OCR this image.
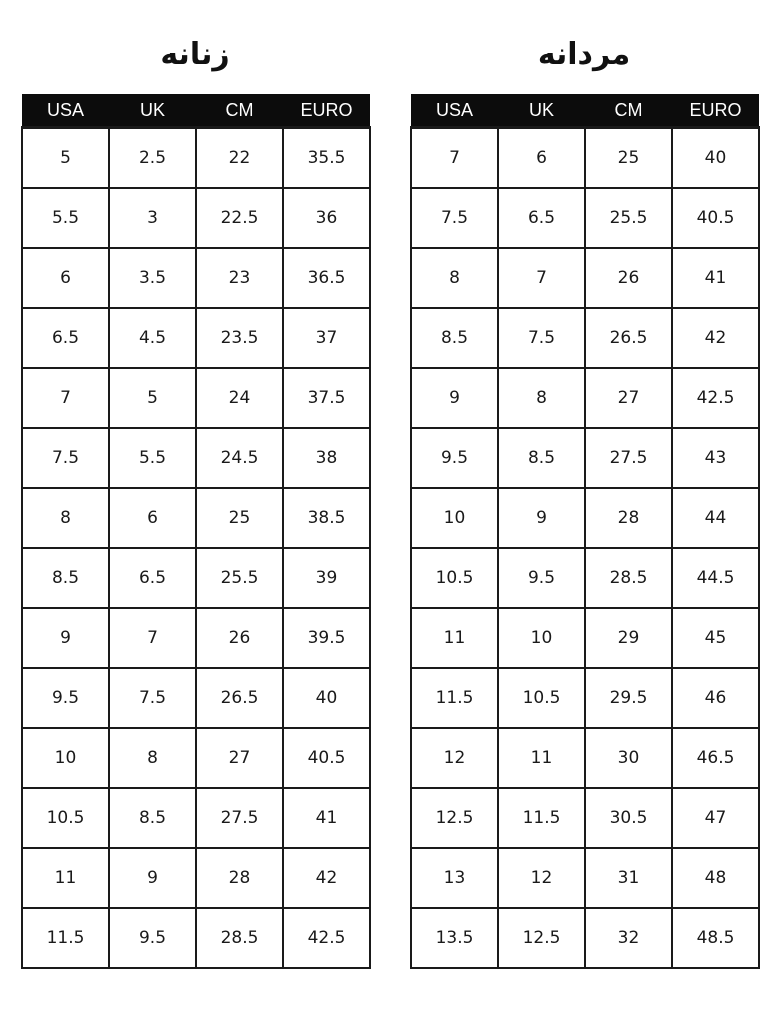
زنانه
USA	UK	CM	EURO
5	2.5	22	35.5
5.5	3	22.5	36
6	3.5	23	36.5
6.5	4.5	23.5	37
7	5	24	37.5
7.5	5.5	24.5	38
8	6	25	38.5
8.5	6.5	25.5	39
9	7	26	39.5
9.5	7.5	26.5	40
10	8	27	40.5
10.5	8.5	27.5	41
11	9	28	42
11.5	9.5	28.5	42.5
مردانه
USA	UK	CM	EURO
7	6	25	40
7.5	6.5	25.5	40.5
8	7	26	41
8.5	7.5	26.5	42
9	8	27	42.5
9.5	8.5	27.5	43
10	9	28	44
10.5	9.5	28.5	44.5
11	10	29	45
11.5	10.5	29.5	46
12	11	30	46.5
12.5	11.5	30.5	47
13	12	31	48
13.5	12.5	32	48.5
